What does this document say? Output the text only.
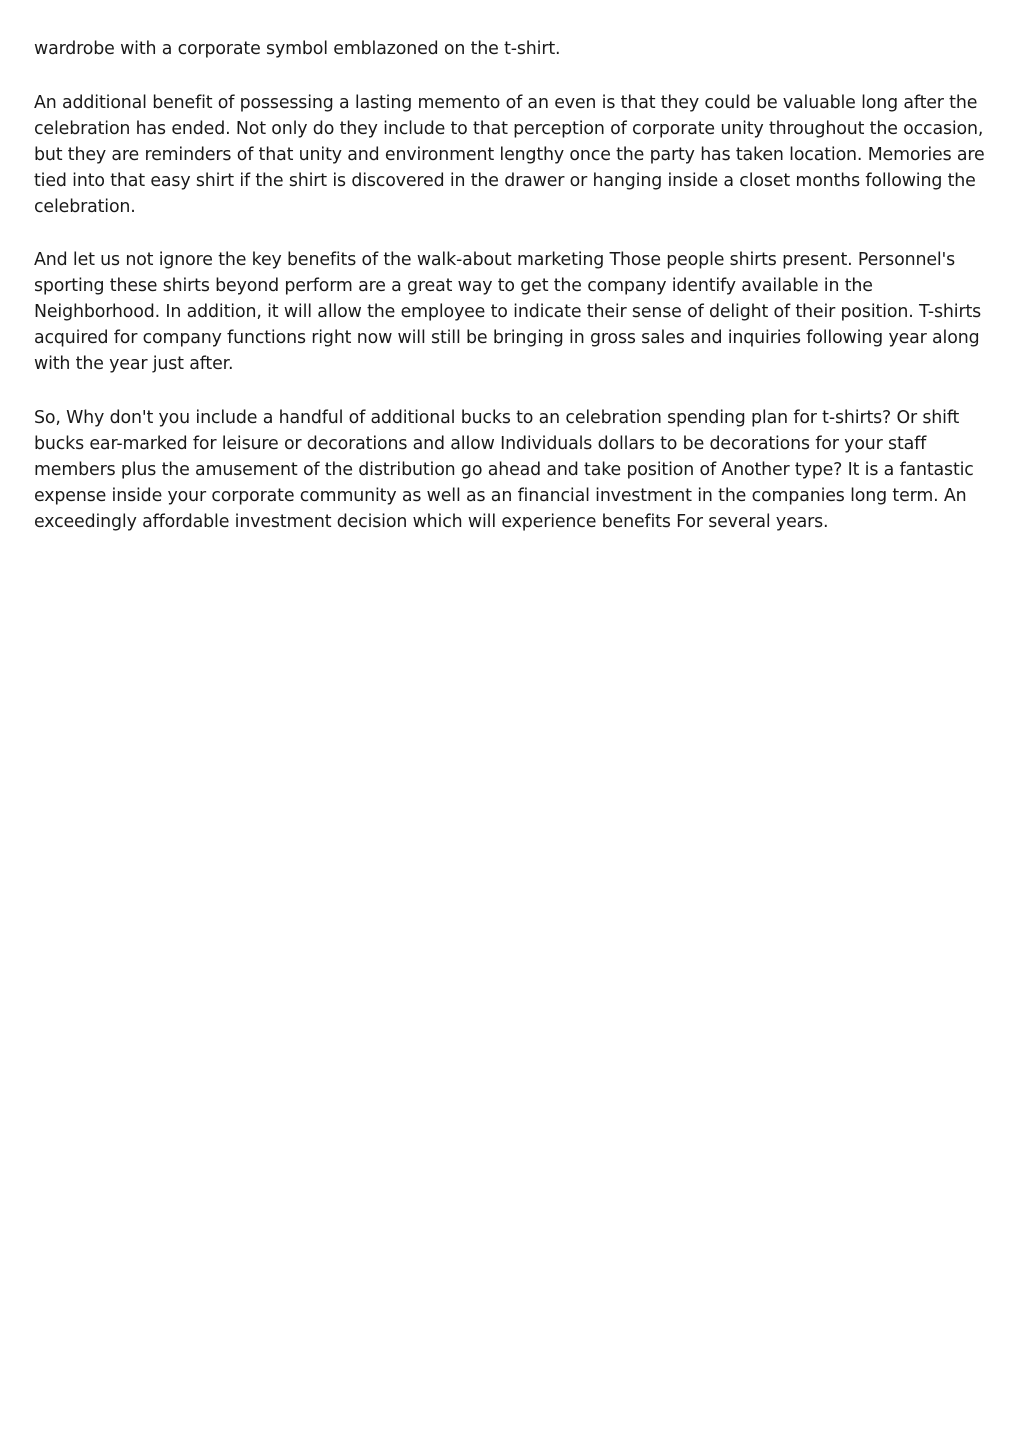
wardrobe with a corporate symbol emblazoned on the t-shirt.

An additional benefit of possessing a lasting memento of an even is that they could be valuable long after the celebration has ended. Not only do they include to that perception of corporate unity throughout the occasion, but they are reminders of that unity and environment lengthy once the party has taken location. Memories are tied into that easy shirt if the shirt is discovered in the drawer or hanging inside a closet months following the celebration.

And let us not ignore the key benefits of the walk-about marketing Those people shirts present. Personnel's sporting these shirts beyond perform are a great way to get the company identify available in the Neighborhood. In addition, it will allow the employee to indicate their sense of delight of their position. T-shirts acquired for company functions right now will still be bringing in gross sales and inquiries following year along with the year just after.

So, Why don't you include a handful of additional bucks to an celebration spending plan for t-shirts? Or shift bucks ear-marked for leisure or decorations and allow Individuals dollars to be decorations for your staff members plus the amusement of the distribution go ahead and take position of Another type? It is a fantastic expense inside your corporate community as well as an financial investment in the companies long term. An exceedingly affordable investment decision which will experience benefits For several years.
